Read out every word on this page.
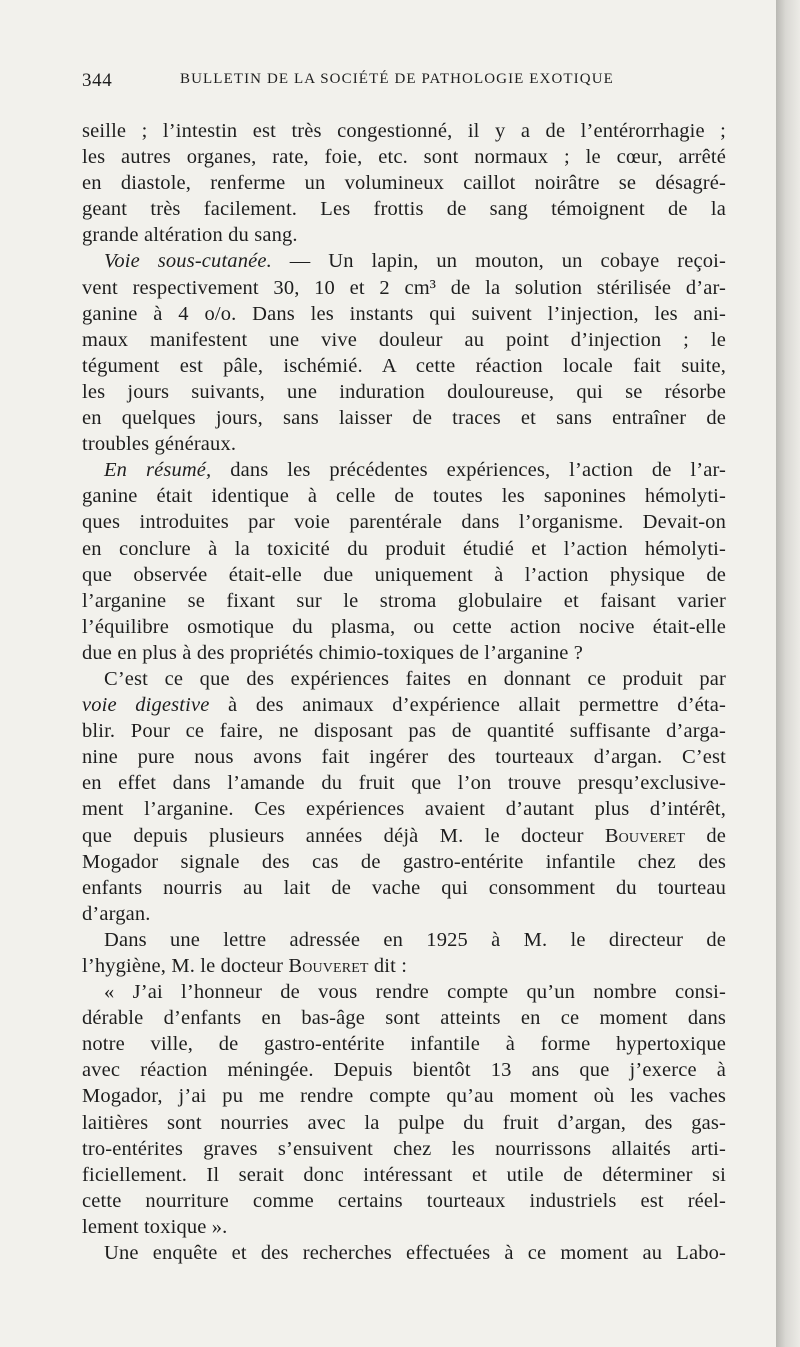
344	BULLETIN DE LA SOCIÉTÉ DE PATHOLOGIE EXOTIQUE
seille ; l’intestin est très congestionné, il y a de l’entérorrhagie ;
les autres organes, rate, foie, etc. sont normaux ; le cœur, arrêté
en diastole, renferme un volumineux caillot noirâtre se désagré-
geant très facilement. Les frottis de sang témoignent de la
grande altération du sang.
Voie sous-cutanée. — Un lapin, un mouton, un cobaye reçoi-
vent respectivement 30, 10 et 2 cm³ de la solution stérilisée d’ar-
ganine à 4 o/o. Dans les instants qui suivent l’injection, les ani-
maux manifestent une vive douleur au point d’injection ; le
tégument est pâle, ischémié. A cette réaction locale fait suite,
les jours suivants, une induration douloureuse, qui se résorbe
en quelques jours, sans laisser de traces et sans entraîner de
troubles généraux.
En résumé, dans les précédentes expériences, l’action de l’ar-
ganine était identique à celle de toutes les saponines hémolyti-
ques introduites par voie parentérale dans l’organisme. Devait-on
en conclure à la toxicité du produit étudié et l’action hémolyti-
que observée était-elle due uniquement à l’action physique de
l’arganine se fixant sur le stroma globulaire et faisant varier
l’équilibre osmotique du plasma, ou cette action nocive était-elle
due en plus à des propriétés chimio-toxiques de l’arganine ?
C’est ce que des expériences faites en donnant ce produit par
voie digestive à des animaux d’expérience allait permettre d’éta-
blir. Pour ce faire, ne disposant pas de quantité suffisante d’arga-
nine pure nous avons fait ingérer des tourteaux d’argan. C’est
en effet dans l’amande du fruit que l’on trouve presqu’exclusive-
ment l’arganine. Ces expériences avaient d’autant plus d’intérêt,
que depuis plusieurs années déjà M. le docteur Bouveret de
Mogador signale des cas de gastro-entérite infantile chez des
enfants nourris au lait de vache qui consomment du tourteau
d’argan.
Dans une lettre adressée en 1925 à M. le directeur de
l’hygiène, M. le docteur Bouveret dit :
« J’ai l’honneur de vous rendre compte qu’un nombre consi-
dérable d’enfants en bas-âge sont atteints en ce moment dans
notre ville, de gastro-entérite infantile à forme hypertoxique
avec réaction méningée. Depuis bientôt 13 ans que j’exerce à
Mogador, j’ai pu me rendre compte qu’au moment où les vaches
laitières sont nourries avec la pulpe du fruit d’argan, des gas-
tro-entérites graves s’ensuivent chez les nourrissons allaités arti-
ficiellement. Il serait donc intéressant et utile de déterminer si
cette nourriture comme certains tourteaux industriels est réel-
lement toxique ».
Une enquête et des recherches effectuées à ce moment au Labo-
